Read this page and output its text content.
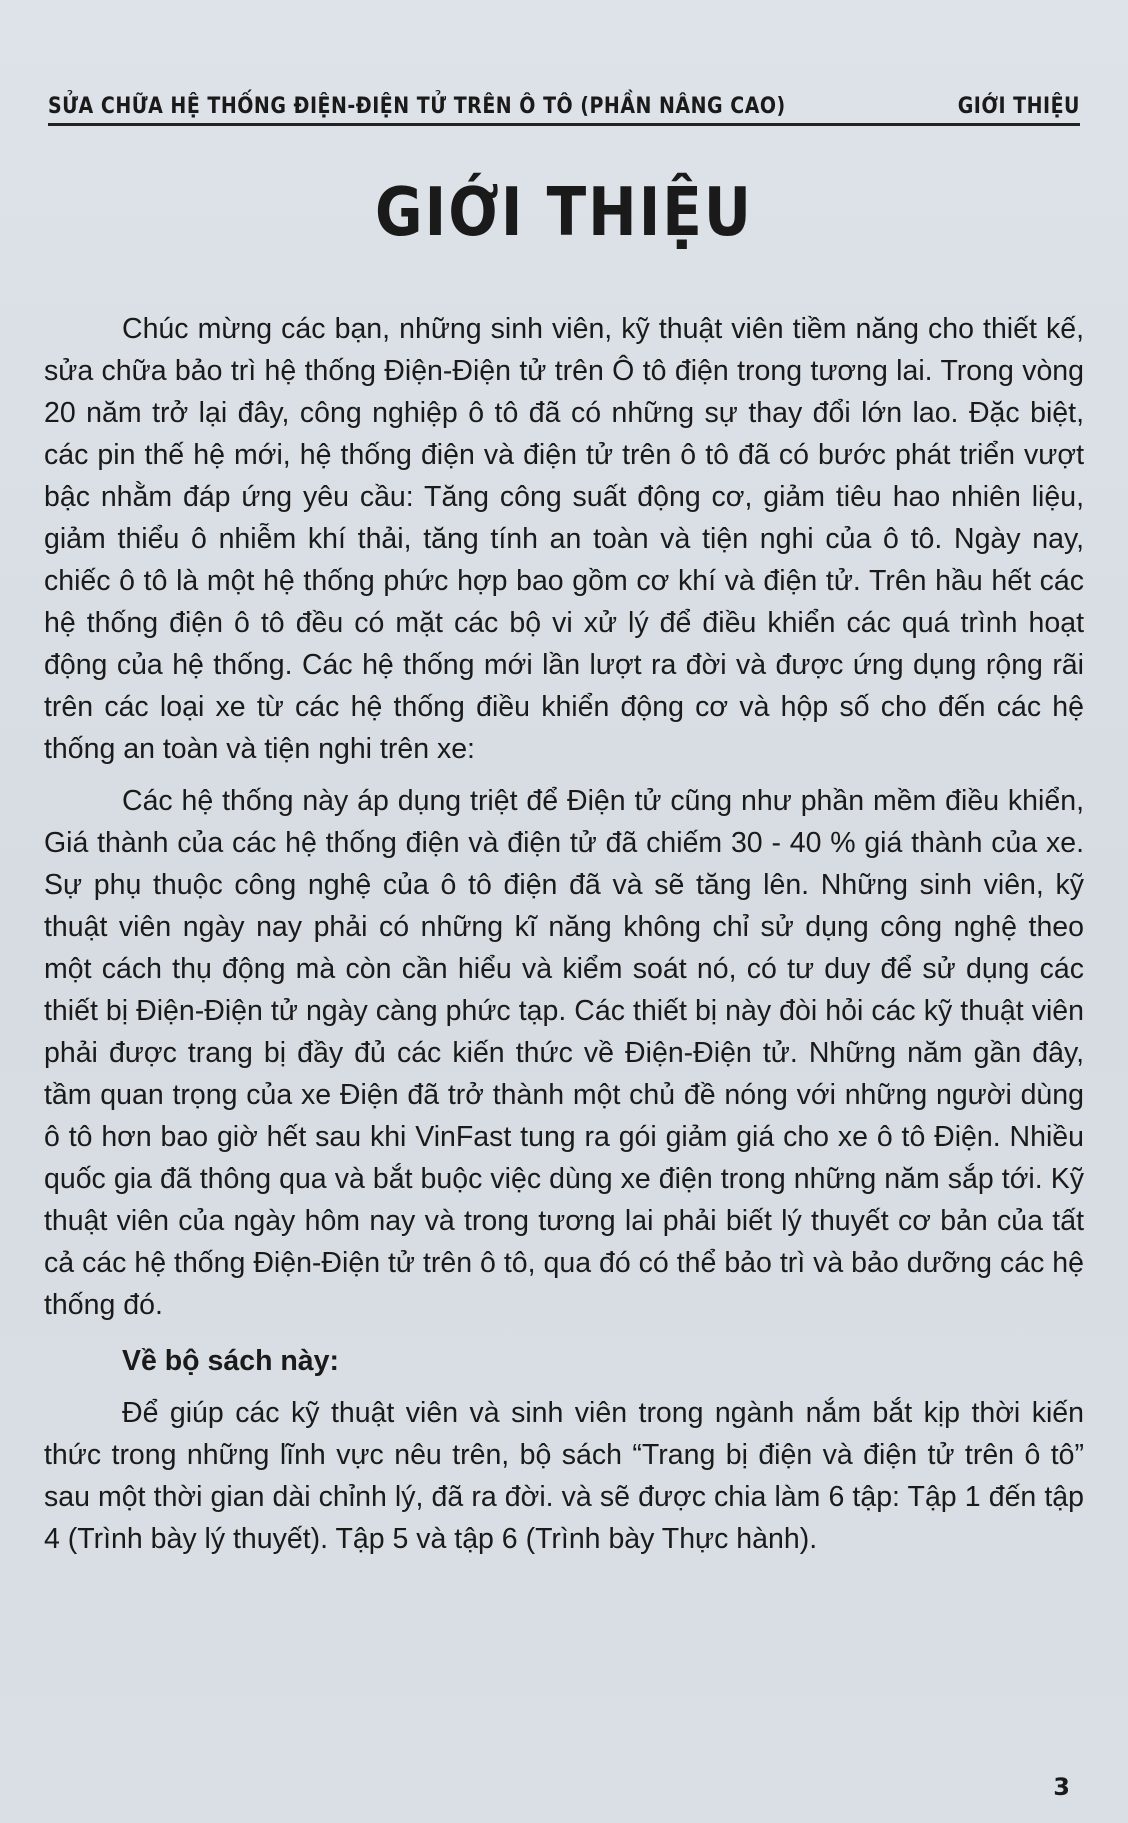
SỬA CHỮA HỆ THỐNG ĐIỆN-ĐIỆN TỬ TRÊN Ô TÔ (PHẦN NÂNG CAO)	GIỚI THIỆU
GIỚI THIỆU

Chúc mừng các bạn, những sinh viên, kỹ thuật viên tiềm năng cho thiết kế, sửa chữa bảo trì hệ thống Điện-Điện tử trên Ô tô điện trong tương lai. Trong vòng 20 năm trở lại đây, công nghiệp ô tô đã có những sự thay đổi lớn lao. Đặc biệt, các pin thế hệ mới, hệ thống điện và điện tử trên ô tô đã có bước phát triển vượt bậc nhằm đáp ứng yêu cầu: Tăng công suất động cơ, giảm tiêu hao nhiên liệu, giảm thiểu ô nhiễm khí thải, tăng tính an toàn và tiện nghi của ô tô. Ngày nay, chiếc ô tô là một hệ thống phức hợp bao gồm cơ khí và điện tử. Trên hầu hết các hệ thống điện ô tô đều có mặt các bộ vi xử lý để điều khiển các quá trình hoạt động của hệ thống. Các hệ thống mới lần lượt ra đời và được ứng dụng rộng rãi trên các loại xe từ các hệ thống điều khiển động cơ và hộp số cho đến các hệ thống an toàn và tiện nghi trên xe:

Các hệ thống này áp dụng triệt để Điện tử cũng như phần mềm điều khiển, Giá thành của các hệ thống điện và điện tử đã chiếm 30 - 40 % giá thành của xe. Sự phụ thuộc công nghệ của ô tô điện đã và sẽ tăng lên. Những sinh viên, kỹ thuật viên ngày nay phải có những kĩ năng không chỉ sử dụng công nghệ theo một cách thụ động mà còn cần hiểu và kiểm soát nó, có tư duy để sử dụng các thiết bị Điện-Điện tử ngày càng phức tạp. Các thiết bị này đòi hỏi các kỹ thuật viên phải được trang bị đầy đủ các kiến thức về Điện-Điện tử. Những năm gần đây, tầm quan trọng của xe Điện đã trở thành một chủ đề nóng với những người dùng ô tô hơn bao giờ hết sau khi VinFast tung ra gói giảm giá cho xe ô tô Điện. Nhiều quốc gia đã thông qua và bắt buộc việc dùng xe điện trong những năm sắp tới. Kỹ thuật viên của ngày hôm nay và trong tương lai phải biết lý thuyết cơ bản của tất cả các hệ thống Điện-Điện tử trên ô tô, qua đó có thể bảo trì và bảo dưỡng các hệ thống đó.

Về bộ sách này:

Để giúp các kỹ thuật viên và sinh viên trong ngành nắm bắt kịp thời kiến thức trong những lĩnh vực nêu trên, bộ sách “Trang bị điện và điện tử trên ô tô” sau một thời gian dài chỉnh lý, đã ra đời. và sẽ được chia làm 6 tập: Tập 1 đến tập 4 (Trình bày lý thuyết). Tập 5 và tập 6 (Trình bày Thực hành).

3
